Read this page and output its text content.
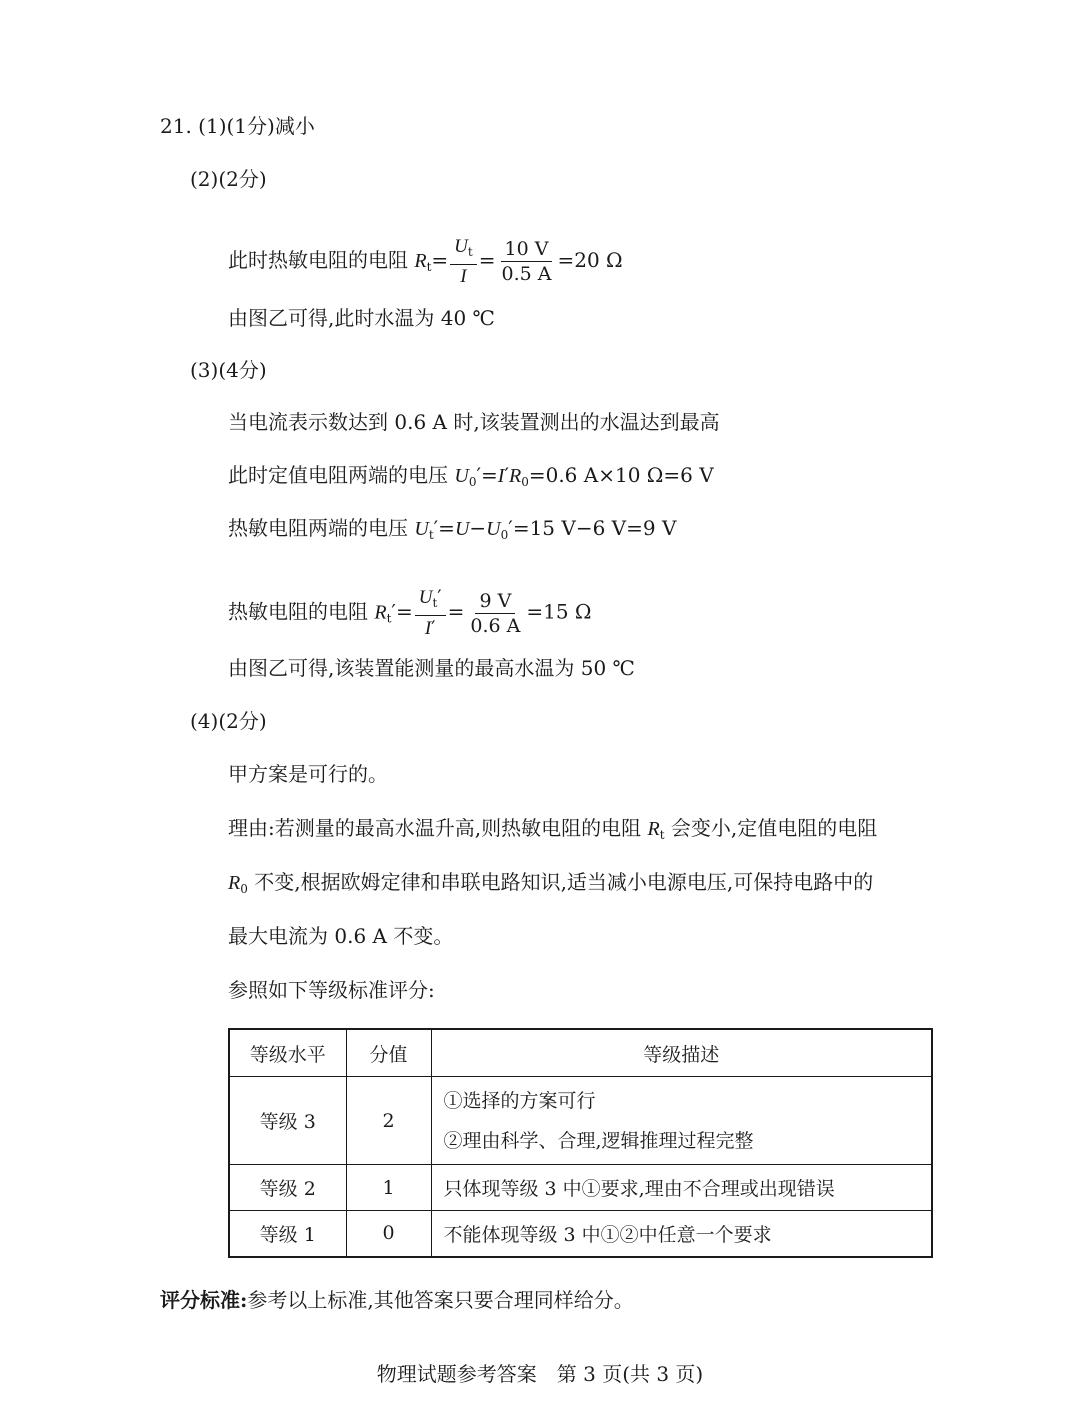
21. (1)(1分)减小
(2)(2分)
此时热敏电阻的电阻 $R_t= \frac{U_t}{I} = \frac{10 V}{0.5 A} =20$ Ω
由图乙可得,此时水温为 40 ℃
(3)(4分)
当电流表示数达到 0.6 A 时,该装置测出的水温达到最高
此时定值电阻两端的电压 $U_0'=I'R_0=0.6$ A×10 Ω=6 V
热敏电阻两端的电压 $U_t'=U-U_0'=15$ V−6 V=9 V
热敏电阻的电阻 $R_t'= \frac{U_t'}{I'} = \frac{9 V}{0.6 A} =15$ Ω
由图乙可得,该装置能测量的最高水温为 50 ℃
(4)(2分)
甲方案是可行的。
理由:若测量的最高水温升高,则热敏电阻的电阻 $R_t$ 会变小,定值电阻的电阻
$R_0$ 不变,根据欧姆定律和串联电路知识,适当减小电源电压,可保持电路中的
最大电流为 0.6 A 不变。
参照如下等级标准评分:
等级水平	分值	等级描述
等级 3	2	①选择的方案可行
②理由科学、合理,逻辑推理过程完整

等级 2	1	只体现等级 3 中①要求,理由不合理或出现错误
等级 1	0	不能体现等级 3 中①②中任意一个要求
评分标准:参考以上标准,其他答案只要合理同样给分。
物理试题参考答案　第 3 页(共 3 页)
